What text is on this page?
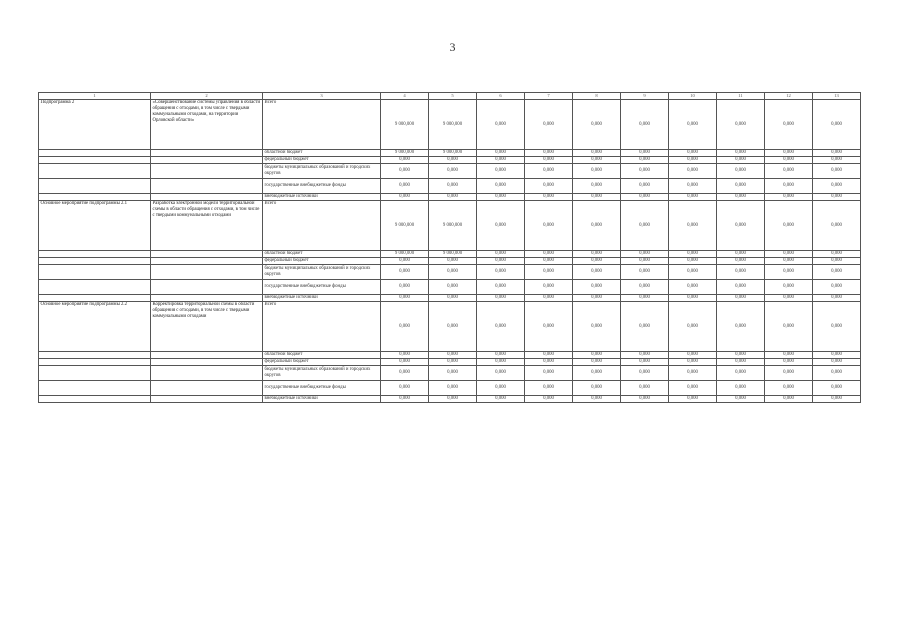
3
1	2	3	4	5	6	7	8	9	10	11	12	13
Подпрограмма 2	«Совершенствование системы управления в области обращения с отходами, в том числе с твердыми коммунальными отходами, на территории Орловской области»	Всего	9 000,000	9 000,000	0,000	0,000	0,000	0,000	0,000	0,000	0,000	0,000
		областной бюджет	9 000,000	9 000,000	0,000	0,000	0,000	0,000	0,000	0,000	0,000	0,000
		федеральный бюджет	0,000	0,000	0,000	0,000	0,000	0,000	0,000	0,000	0,000	0,000
		бюджеты муниципальных образований и городских округов	0,000	0,000	0,000	0,000	0,000	0,000	0,000	0,000	0,000	0,000
		государственные внебюджетные фонды	0,000	0,000	0,000	0,000	0,000	0,000	0,000	0,000	0,000	0,000
		внебюджетные источники	0,000	0,000	0,000	0,000	0,000	0,000	0,000	0,000	0,000	0,000
Основное мероприятие подпрограммы 2.1	Разработка электронной модели территориальной схемы в области обращения с отходами, в том числе с твердыми коммунальными отходами	Всего	9 000,000	9 000,000	0,000	0,000	0,000	0,000	0,000	0,000	0,000	0,000
		областной бюджет	9 000,000	9 000,000	0,000	0,000	0,000	0,000	0,000	0,000	0,000	0,000
		федеральный бюджет	0,000	0,000	0,000	0,000	0,000	0,000	0,000	0,000	0,000	0,000
		бюджеты муниципальных образований и городских округов	0,000	0,000	0,000	0,000	0,000	0,000	0,000	0,000	0,000	0,000
		государственные внебюджетные фонды	0,000	0,000	0,000	0,000	0,000	0,000	0,000	0,000	0,000	0,000
		внебюджетные источники	0,000	0,000	0,000	0,000	0,000	0,000	0,000	0,000	0,000	0,000
Основное мероприятие подпрограммы 2.2	Корректировка территориальной схемы в области обращения с отходами, в том числе с твердыми коммунальными отходами	Всего	0,000	0,000	0,000	0,000	0,000	0,000	0,000	0,000	0,000	0,000
		областной бюджет	0,000	0,000	0,000	0,000	0,000	0,000	0,000	0,000	0,000	0,000
		федеральный бюджет	0,000	0,000	0,000	0,000	0,000	0,000	0,000	0,000	0,000	0,000
		бюджеты муниципальных образований и городских округов	0,000	0,000	0,000	0,000	0,000	0,000	0,000	0,000	0,000	0,000
		государственные внебюджетные фонды	0,000	0,000	0,000	0,000	0,000	0,000	0,000	0,000	0,000	0,000
		внебюджетные источники	0,000	0,000	0,000	0,000	0,000	0,000	0,000	0,000	0,000	0,000
